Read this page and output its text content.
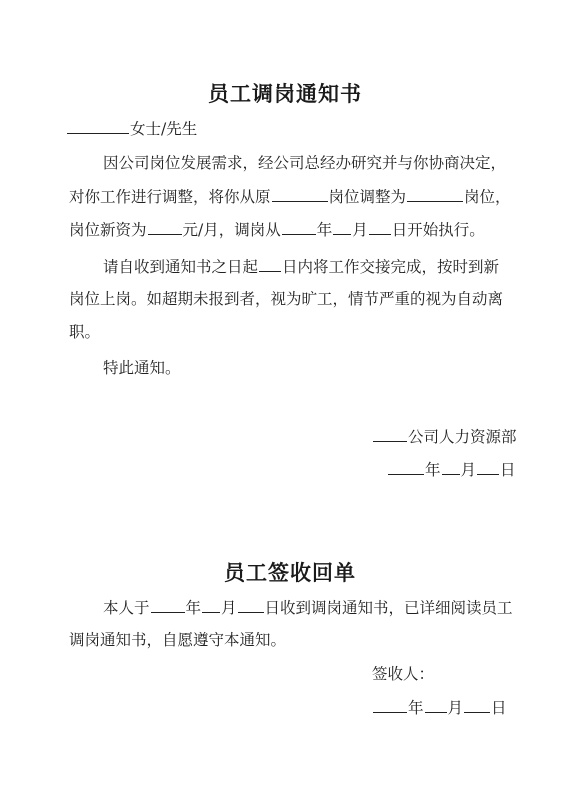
员工调岗通知书
女士/先生
因公司岗位发展需求，经公司总经办研究并与你协商决定，
对你工作进行调整，将你从原	岗位调整为	岗位，
岗位新资为 元/月，调岗从 年 月 日开始执行。
请自收到通知书之日起 日内将工作交接完成，按时到新
岗位上岗。如超期未报到者，视为旷工，情节严重的视为自动离
职。
特此通知。
公司人力资源部
年 月 日
员工签收回单
本人于 年 月 日收到调岗通知书，已详细阅读员工
调岗通知书，自愿遵守本通知。
签收人：
年 月 日
